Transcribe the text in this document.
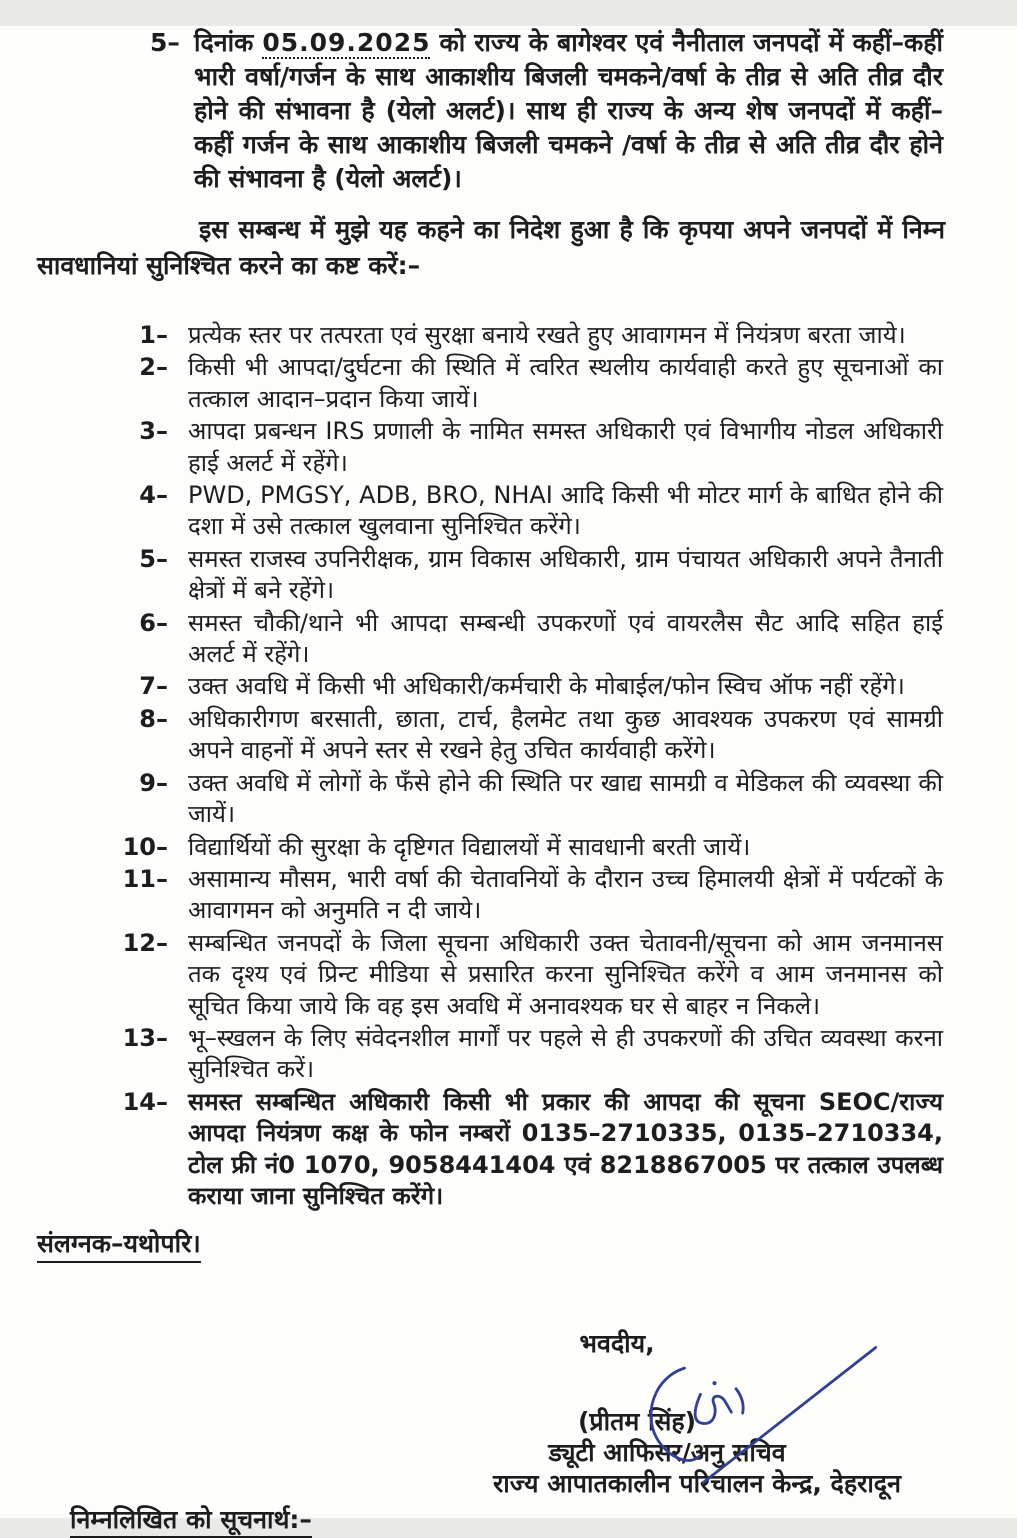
5– दिनांक 05.09.2025 को राज्य के बागेश्वर एवं नैनीताल जनपदों में कहीं–कहीं भारी वर्षा/गर्जन के साथ आकाशीय बिजली चमकने/वर्षा के तीव्र से अति तीव्र दौर होने की संभावना है (येलो अलर्ट)। साथ ही राज्य के अन्य शेष जनपदों में कहीं–कहीं गर्जन के साथ आकाशीय बिजली चमकने /वर्षा के तीव्र से अति तीव्र दौर होने की संभावना है (येलो अलर्ट)।

इस सम्बन्ध में मुझे यह कहने का निदेश हुआ है कि कृपया अपने जनपदों में निम्न सावधानियां सुनिश्चित करने का कष्ट करें:–

1– प्रत्येक स्तर पर तत्परता एवं सुरक्षा बनाये रखते हुए आवागमन में नियंत्रण बरता जाये।
2– किसी भी आपदा/दुर्घटना की स्थिति में त्वरित स्थलीय कार्यवाही करते हुए सूचनाओं का तत्काल आदान–प्रदान किया जायें।
3– आपदा प्रबन्धन IRS प्रणाली के नामित समस्त अधिकारी एवं विभागीय नोडल अधिकारी हाई अलर्ट में रहेंगे।
4– PWD, PMGSY, ADB, BRO, NHAI आदि किसी भी मोटर मार्ग के बाधित होने की दशा में उसे तत्काल खुलवाना सुनिश्चित करेंगे।
5– समस्त राजस्व उपनिरीक्षक, ग्राम विकास अधिकारी, ग्राम पंचायत अधिकारी अपने तैनाती क्षेत्रों में बने रहेंगे।
6– समस्त चौकी/थाने भी आपदा सम्बन्धी उपकरणों एवं वायरलैस सैट आदि सहित हाई अलर्ट में रहेंगे।
7– उक्त अवधि में किसी भी अधिकारी/कर्मचारी के मोबाईल/फोन स्विच ऑफ नहीं रहेंगे।
8– अधिकारीगण बरसाती, छाता, टार्च, हैलमेट तथा कुछ आवश्यक उपकरण एवं सामग्री अपने वाहनों में अपने स्तर से रखने हेतु उचित कार्यवाही करेंगे।
9– उक्त अवधि में लोगों के फँसे होने की स्थिति पर खाद्य सामग्री व मेडिकल की व्यवस्था की जायें।
10– विद्यार्थियों की सुरक्षा के दृष्टिगत विद्यालयों में सावधानी बरती जायें।
11– असामान्य मौसम, भारी वर्षा की चेतावनियों के दौरान उच्च हिमालयी क्षेत्रों में पर्यटकों के आवागमन को अनुमति न दी जाये।
12– सम्बन्धित जनपदों के जिला सूचना अधिकारी उक्त चेतावनी/सूचना को आम जनमानस तक दृश्य एवं प्रिन्ट मीडिया से प्रसारित करना सुनिश्चित करेंगे व आम जनमानस को सूचित किया जाये कि वह इस अवधि में अनावश्यक घर से बाहर न निकले।
13– भू–स्खलन के लिए संवेदनशील मार्गों पर पहले से ही उपकरणों की उचित व्यवस्था करना सुनिश्चित करें।
14– समस्त सम्बन्धित अधिकारी किसी भी प्रकार की आपदा की सूचना SEOC/राज्य आपदा नियंत्रण कक्ष के फोन नम्बरों 0135–2710335, 0135–2710334, टोल फ्री नं0 1070, 9058441404 एवं 8218867005 पर तत्काल उपलब्ध कराया जाना सुनिश्चित करेंगे।

संलग्नक–यथोपरि।

भवदीय,
(प्रीतम सिंह)
ड्यूटी आफिसर/अनु सचिव
राज्य आपातकालीन परिचालन केन्द्र, देहरादून

निम्नलिखित को सूचनार्थ:–
